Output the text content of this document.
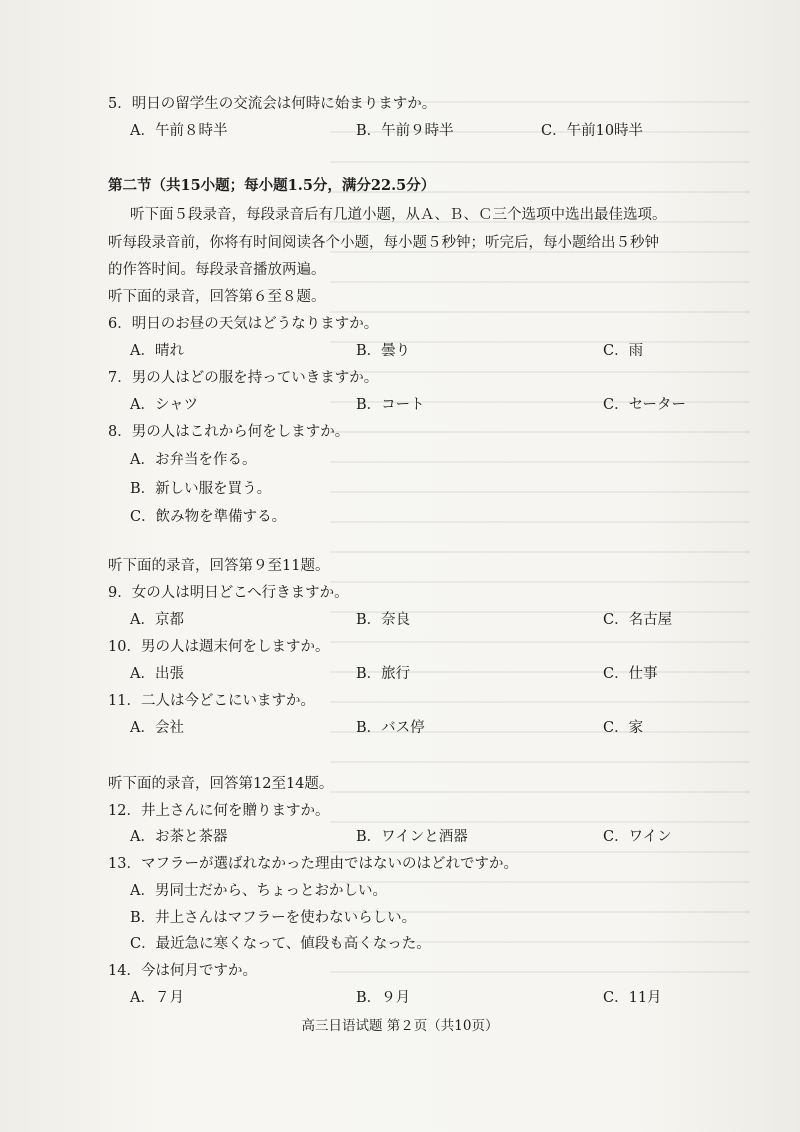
5．明日の留学生の交流会は何時に始まりますか。
A．午前８時半	B．午前９時半	C．午前10時半
第二节（共15小题；每小题1.5分，满分22.5分）
听下面５段录音，每段录音后有几道小题，从Ａ、Ｂ、Ｃ三个选项中选出最佳选项。
听每段录音前，你将有时间阅读各个小题，每小题５秒钟；听完后，每小题给出５秒钟
的作答时间。每段录音播放两遍。
听下面的录音，回答第６至８题。
6．明日のお昼の天気はどうなりますか。
A．晴れ	B．曇り	C．雨
7．男の人はどの服を持っていきますか。
A．シャツ	B．コート	C．セーター
8．男の人はこれから何をしますか。
A．お弁当を作る。
B．新しい服を買う。
C．飲み物を準備する。
听下面的录音，回答第９至11题。
9．女の人は明日どこへ行きますか。
A．京都	B．奈良	C．名古屋
10．男の人は週末何をしますか。
A．出張	B．旅行	C．仕事
11．二人は今どこにいますか。
A．会社	B．バス停	C．家
听下面的录音，回答第12至14题。
12．井上さんに何を贈りますか。
A．お茶と茶器	B．ワインと酒器	C．ワイン
13．マフラーが選ばれなかった理由ではないのはどれですか。
A．男同士だから、ちょっとおかしい。
B．井上さんはマフラーを使わないらしい。
C．最近急に寒くなって、値段も高くなった。
14．今は何月ですか。
A．７月	B．９月	C．11月
高三日语试题 第２页（共10页）
